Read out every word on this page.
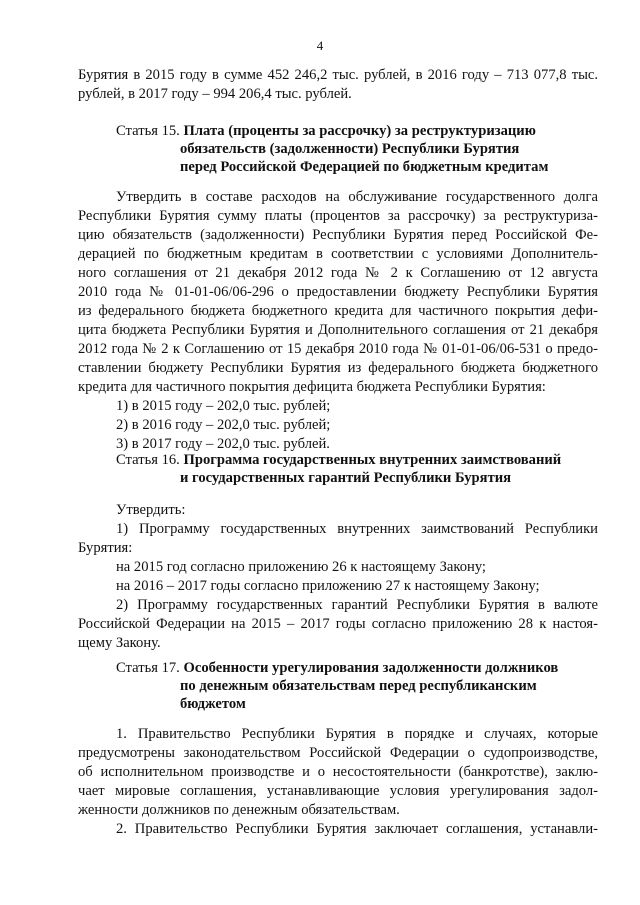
4
Бурятия в 2015 году в сумме 452 246,2 тыс. рублей, в 2016 году – 713 077,8 тыс.
рублей, в 2017 году – 994 206,4 тыс. рублей.
Статья 15. Плата (проценты за рассрочку) за реструктуризацию
обязательств (задолженности) Республики Бурятия
перед Российской Федерацией по бюджетным кредитам
Утвердить в составе расходов на обслуживание государственного долга
Республики Бурятия сумму платы (процентов за рассрочку) за реструктуриза-
цию обязательств (задолженности) Республики Бурятия перед Российской Фе-
дерацией по бюджетным кредитам в соответствии с условиями Дополнитель-
ного соглашения от 21 декабря 2012 года № 2 к Соглашению от 12 августа
2010 года № 01-01-06/06-296 о предоставлении бюджету Республики Бурятия
из федерального бюджета бюджетного кредита для частичного покрытия дефи-
цита бюджета Республики Бурятия и Дополнительного соглашения от 21 декабря
2012 года № 2 к Соглашению от 15 декабря 2010 года № 01-01-06/06-531 о предо-
ставлении бюджету Республики Бурятия из федерального бюджета бюджетного
кредита для частичного покрытия дефицита бюджета Республики Бурятия:
1) в 2015 году – 202,0 тыс. рублей;
2) в 2016 году – 202,0 тыс. рублей;
3) в 2017 году – 202,0 тыс. рублей.
Статья 16. Программа государственных внутренних заимствований
и государственных гарантий Республики Бурятия
Утвердить:
1) Программу государственных внутренних заимствований Республики
Бурятия:
на 2015 год согласно приложению 26 к настоящему Закону;
на 2016 – 2017 годы согласно приложению 27 к настоящему Закону;
2) Программу государственных гарантий Республики Бурятия в валюте
Российской Федерации на 2015 – 2017 годы согласно приложению 28 к настоя-
щему Закону.
Статья 17. Особенности урегулирования задолженности должников
по денежным обязательствам перед республиканским
бюджетом
1. Правительство Республики Бурятия в порядке и случаях, которые
предусмотрены законодательством Российской Федерации о судопроизводстве,
об исполнительном производстве и о несостоятельности (банкротстве), заклю-
чает мировые соглашения, устанавливающие условия урегулирования задол-
женности должников по денежным обязательствам.
2. Правительство Республики Бурятия заключает соглашения, устанавли-
